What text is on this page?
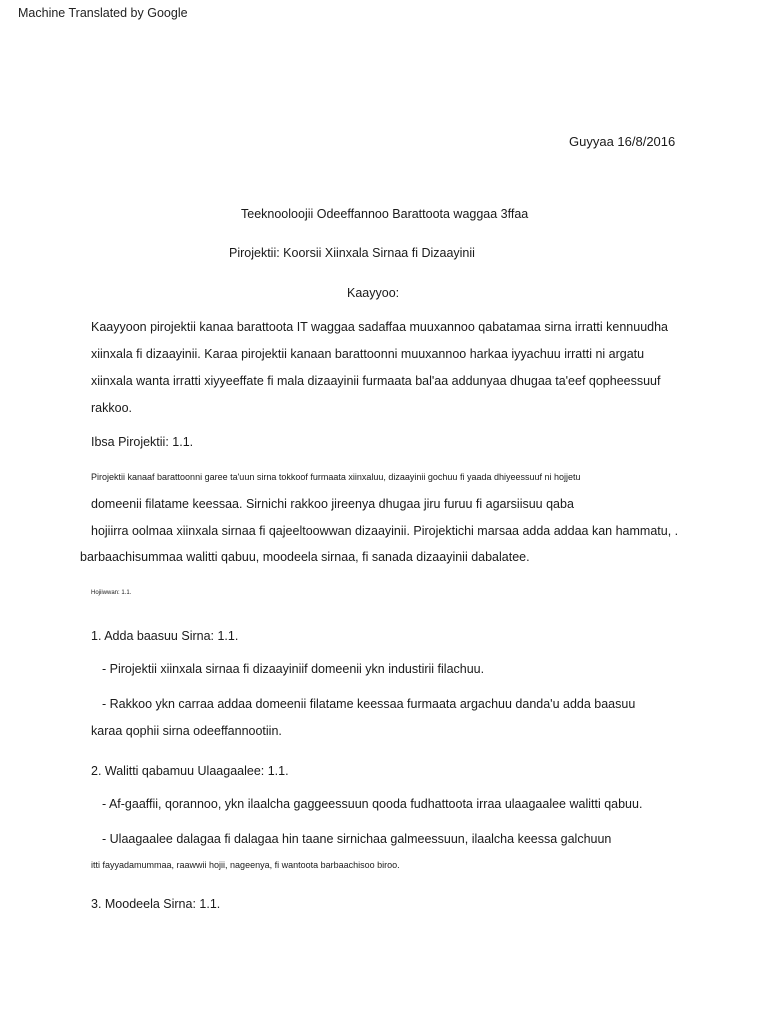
Machine Translated by Google

Guyyaa 16/8/2016

Teeknooloojii Odeeffannoo Barattoota waggaa 3ffaa

Pirojektii: Koorsii Xiinxala Sirnaa fi Dizaayinii

Kaayyoo:

Kaayyoon pirojektii kanaa barattoota IT waggaa sadaffaa muuxannoo qabatamaa sirna irratti kennuudha

xiinxala fi dizaayinii. Karaa pirojektii kanaan barattoonni muuxannoo harkaa iyyachuu irratti ni argatu

xiinxala wanta irratti xiyyeeffate fi mala dizaayinii furmaata bal'aa addunyaa dhugaa ta'eef qopheessuuf

rakkoo.

Ibsa Pirojektii: 1.1.

Pirojektii kanaaf barattoonni garee ta'uun sirna tokkoof furmaata xiinxaluu, dizaayinii gochuu fi yaada dhiyeessuuf ni hojjetu

domeenii filatame keessaa. Sirnichi rakkoo jireenya dhugaa jiru furuu fi agarsiisuu qaba

hojiirra oolmaa xiinxala sirnaa fi qajeeltoowwan dizaayinii. Pirojektichi marsaa adda addaa kan hammatu, .

barbaachisummaa walitti qabuu, moodeela sirnaa, fi sanada dizaayinii dabalatee.

Hojiiwwan: 1.1.

1. Adda baasuu Sirna: 1.1.

- Pirojektii xiinxala sirnaa fi dizaayiniif domeenii ykn industirii filachuu.

- Rakkoo ykn carraa addaa domeenii filatame keessaa furmaata argachuu danda'u adda baasuu

karaa qophii sirna odeeffannootiin.

2. Walitti qabamuu Ulaagaalee: 1.1.

- Af-gaaffii, qorannoo, ykn ilaalcha gaggeessuun qooda fudhattoota irraa ulaagaalee walitti qabuu.

- Ulaagaalee dalagaa fi dalagaa hin taane sirnichaa galmeessuun, ilaalcha keessa galchuun

itti fayyadamummaa, raawwii hojii, nageenya, fi wantoota barbaachisoo biroo.

3. Moodeela Sirna: 1.1.
